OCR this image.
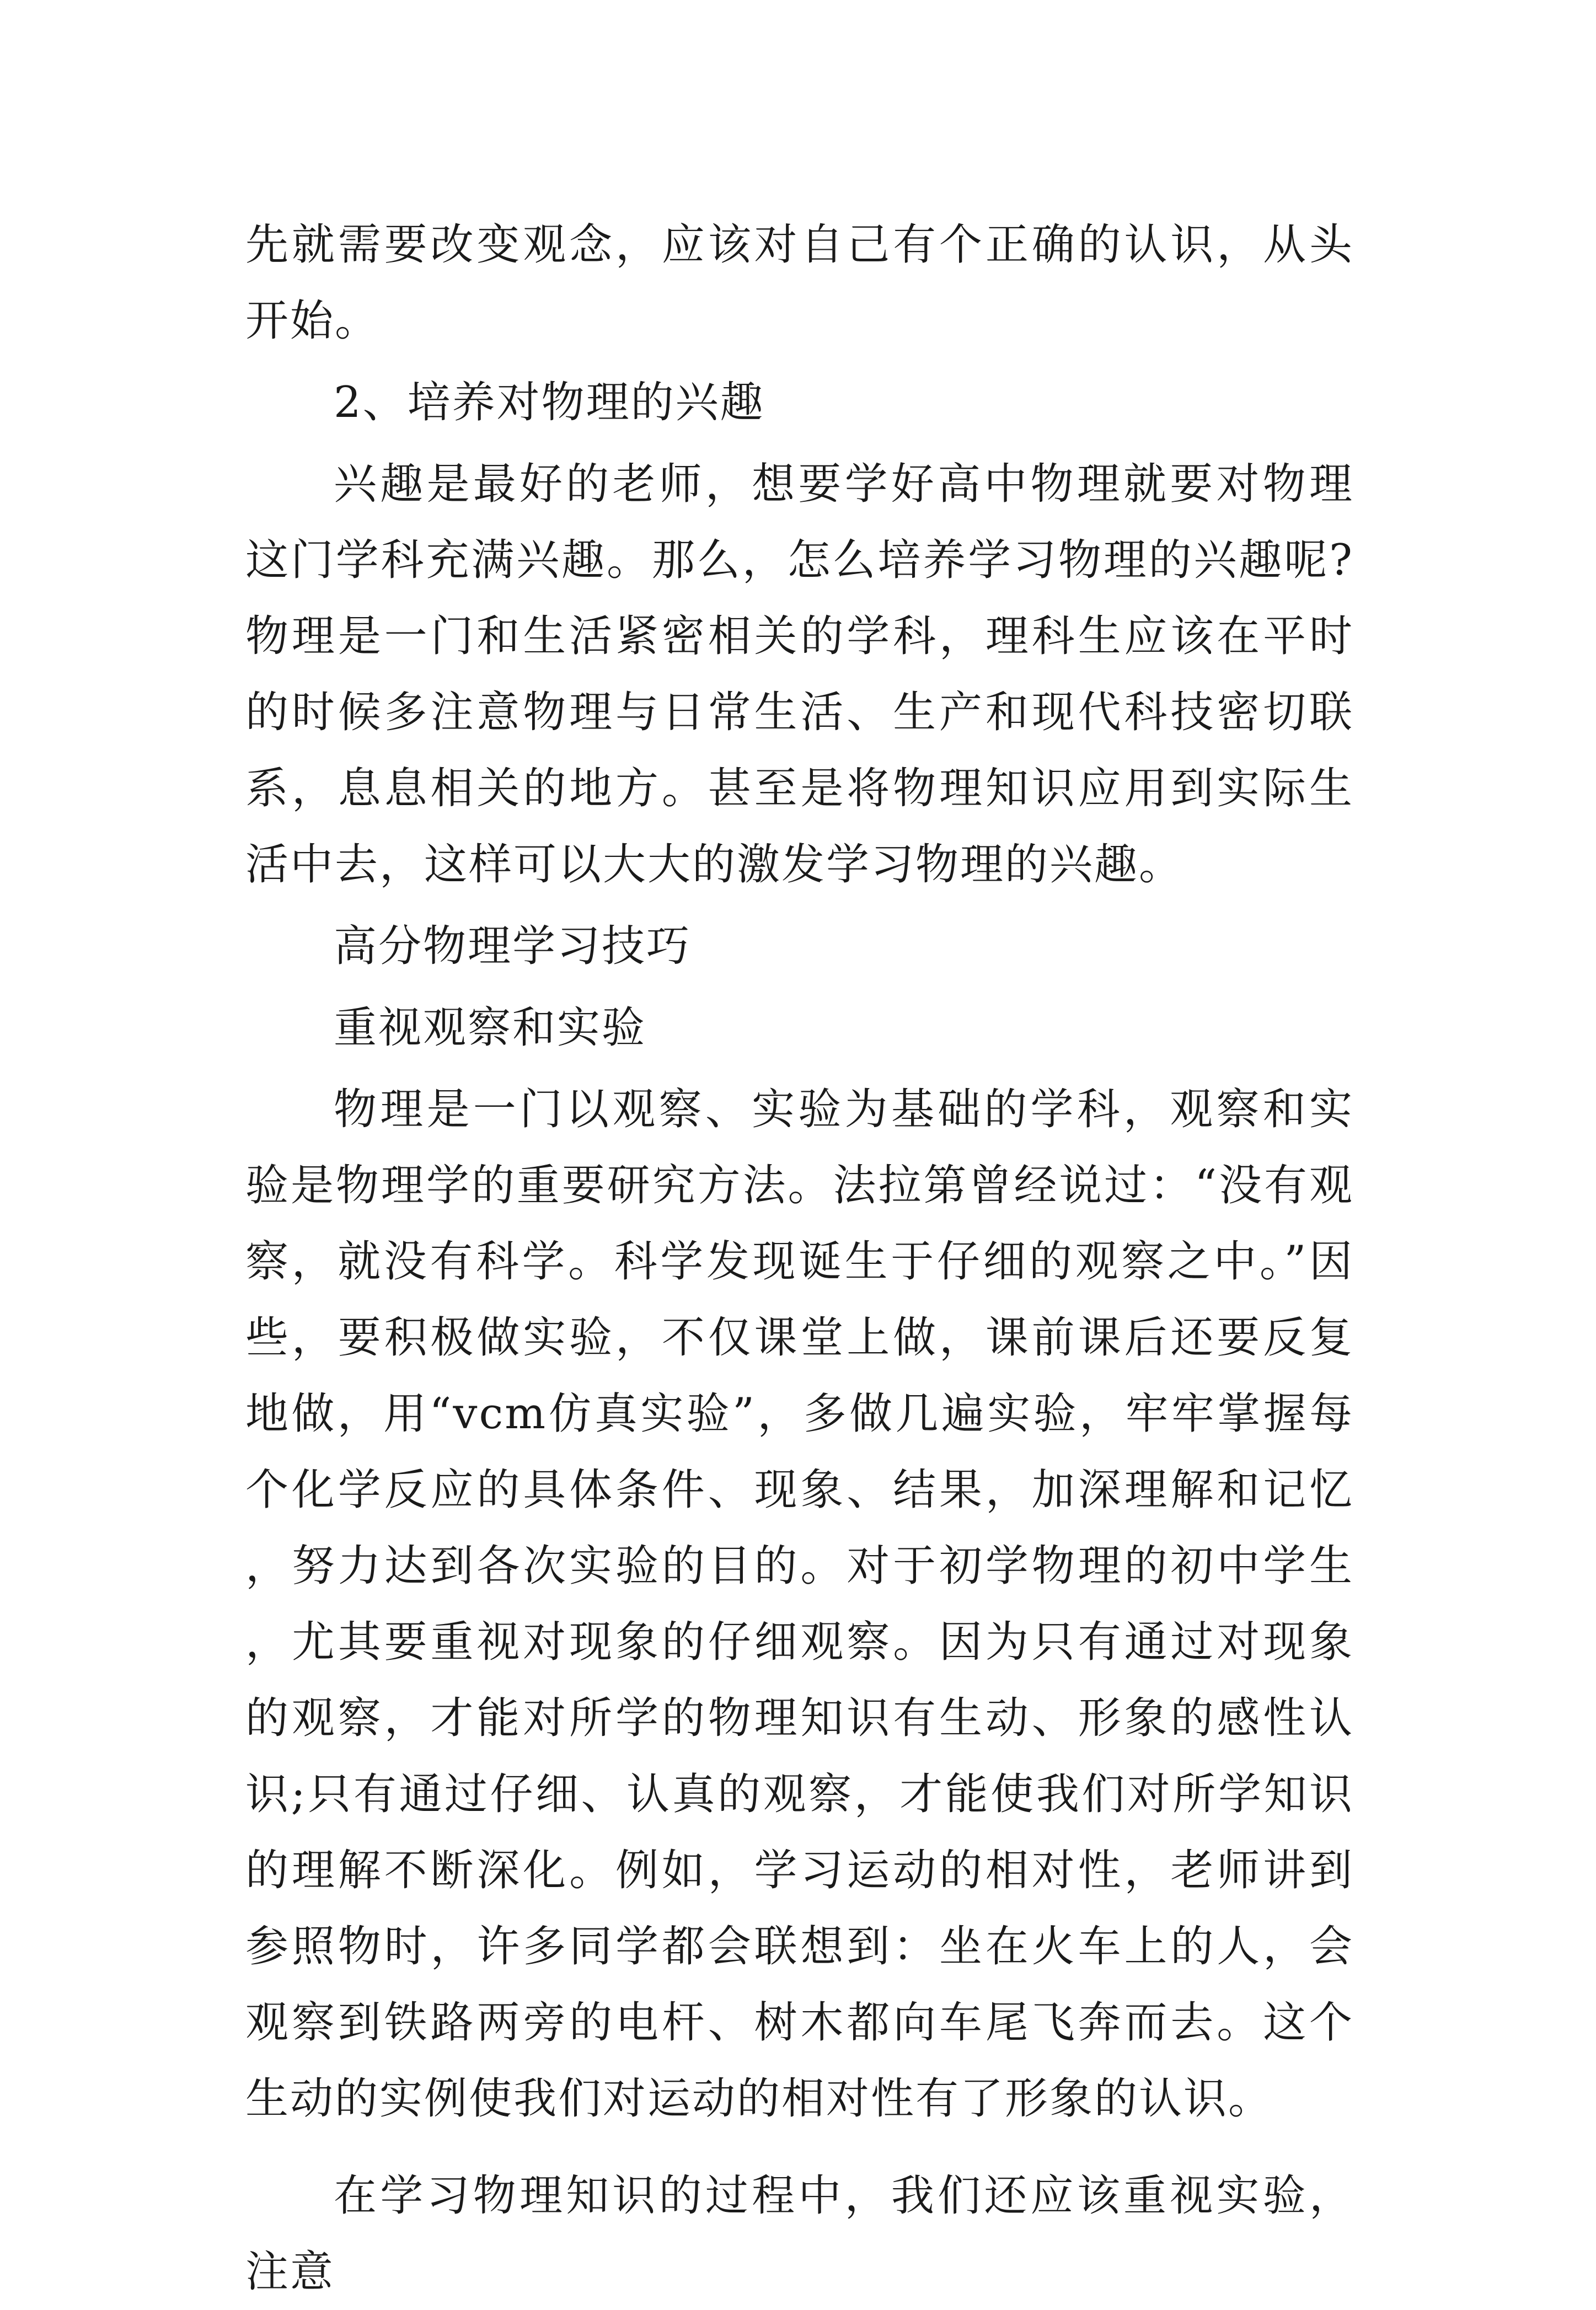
先就需要改变观念，应该对自己有个正确的认识，从头开始。

2、培养对物理的兴趣

兴趣是最好的老师，想要学好高中物理就要对物理这门学科充满兴趣。那么，怎么培养学习物理的兴趣呢?物理是一门和生活紧密相关的学科，理科生应该在平时的时候多注意物理与日常生活、生产和现代科技密切联系，息息相关的地方。甚至是将物理知识应用到实际生活中去，这样可以大大的激发学习物理的兴趣。

高分物理学习技巧

重视观察和实验

物理是一门以观察、实验为基础的学科，观察和实验是物理学的重要研究方法。法拉第曾经说过：“没有观察，就没有科学。科学发现诞生于仔细的观察之中。”因些，要积极做实验，不仅课堂上做，课前课后还要反复地做，用“vcm仿真实验”，多做几遍实验，牢牢掌握每个化学反应的具体条件、现象、结果，加深理解和记忆，努力达到各次实验的目的。对于初学物理的初中学生，尤其要重视对现象的仔细观察。因为只有通过对现象的观察，才能对所学的物理知识有生动、形象的感性认识;只有通过仔细、认真的观察，才能使我们对所学知识的理解不断深化。例如，学习运动的相对性，老师讲到参照物时，许多同学都会联想到：坐在火车上的人，会观察到铁路两旁的电杆、树木都向车尾飞奔而去。这个生动的实例使我们对运动的相对性有了形象的认识。

在学习物理知识的过程中，我们还应该重视实验，注意
